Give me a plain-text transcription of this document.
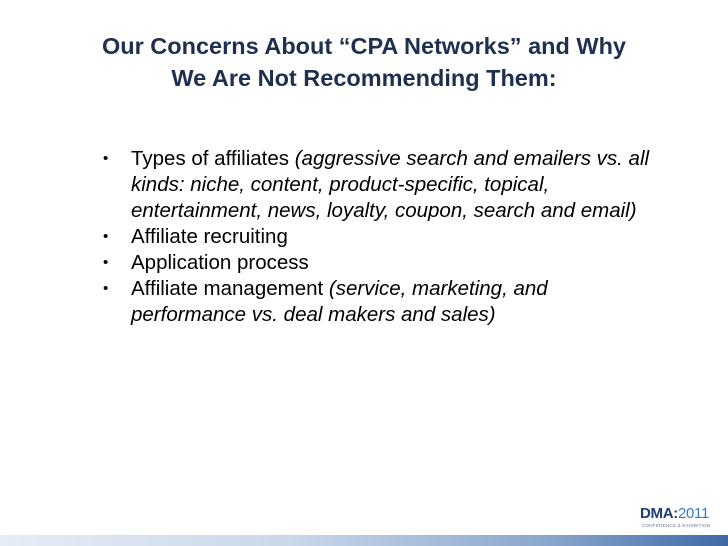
Our Concerns About “CPA Networks” and Why
We Are Not Recommending Them:
• Types of affiliates (aggressive search and emailers vs. all kinds: niche, content, product-specific, topical, entertainment, news, loyalty, coupon, search and email)
• Affiliate recruiting
• Application process
• Affiliate management (service, marketing, and performance vs. deal makers and sales)
DMA:2011
CONFERENCE & EXHIBITION
